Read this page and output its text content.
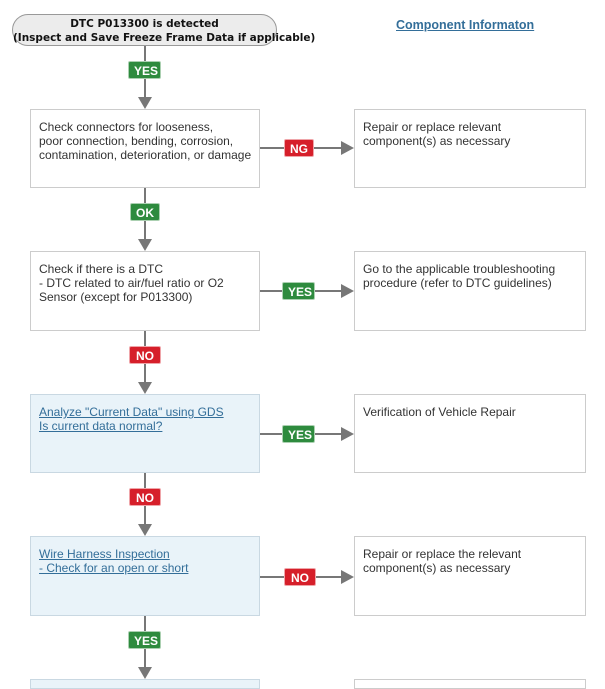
DTC P013300 is detected
(Inspect and Save Freeze Frame Data if applicable)
Component Informaton
YES
Check connectors for looseness,
poor connection, bending, corrosion,
contamination, deterioration, or damage	NG
Repair or replace relevant
component(s) as necessary
OK
Check if there is a DTC
- DTC related to air/fuel ratio or O2
Sensor (except for P013300)	YES
Go to the applicable troubleshooting
procedure (refer to DTC guidelines)
NO
Analyze "Current Data" using GDS
Is current data normal?
YES
Verification of Vehicle Repair
NO
Wire Harness Inspection
- Check for an open or short
NO
Repair or replace the relevant
component(s) as necessary
YES
